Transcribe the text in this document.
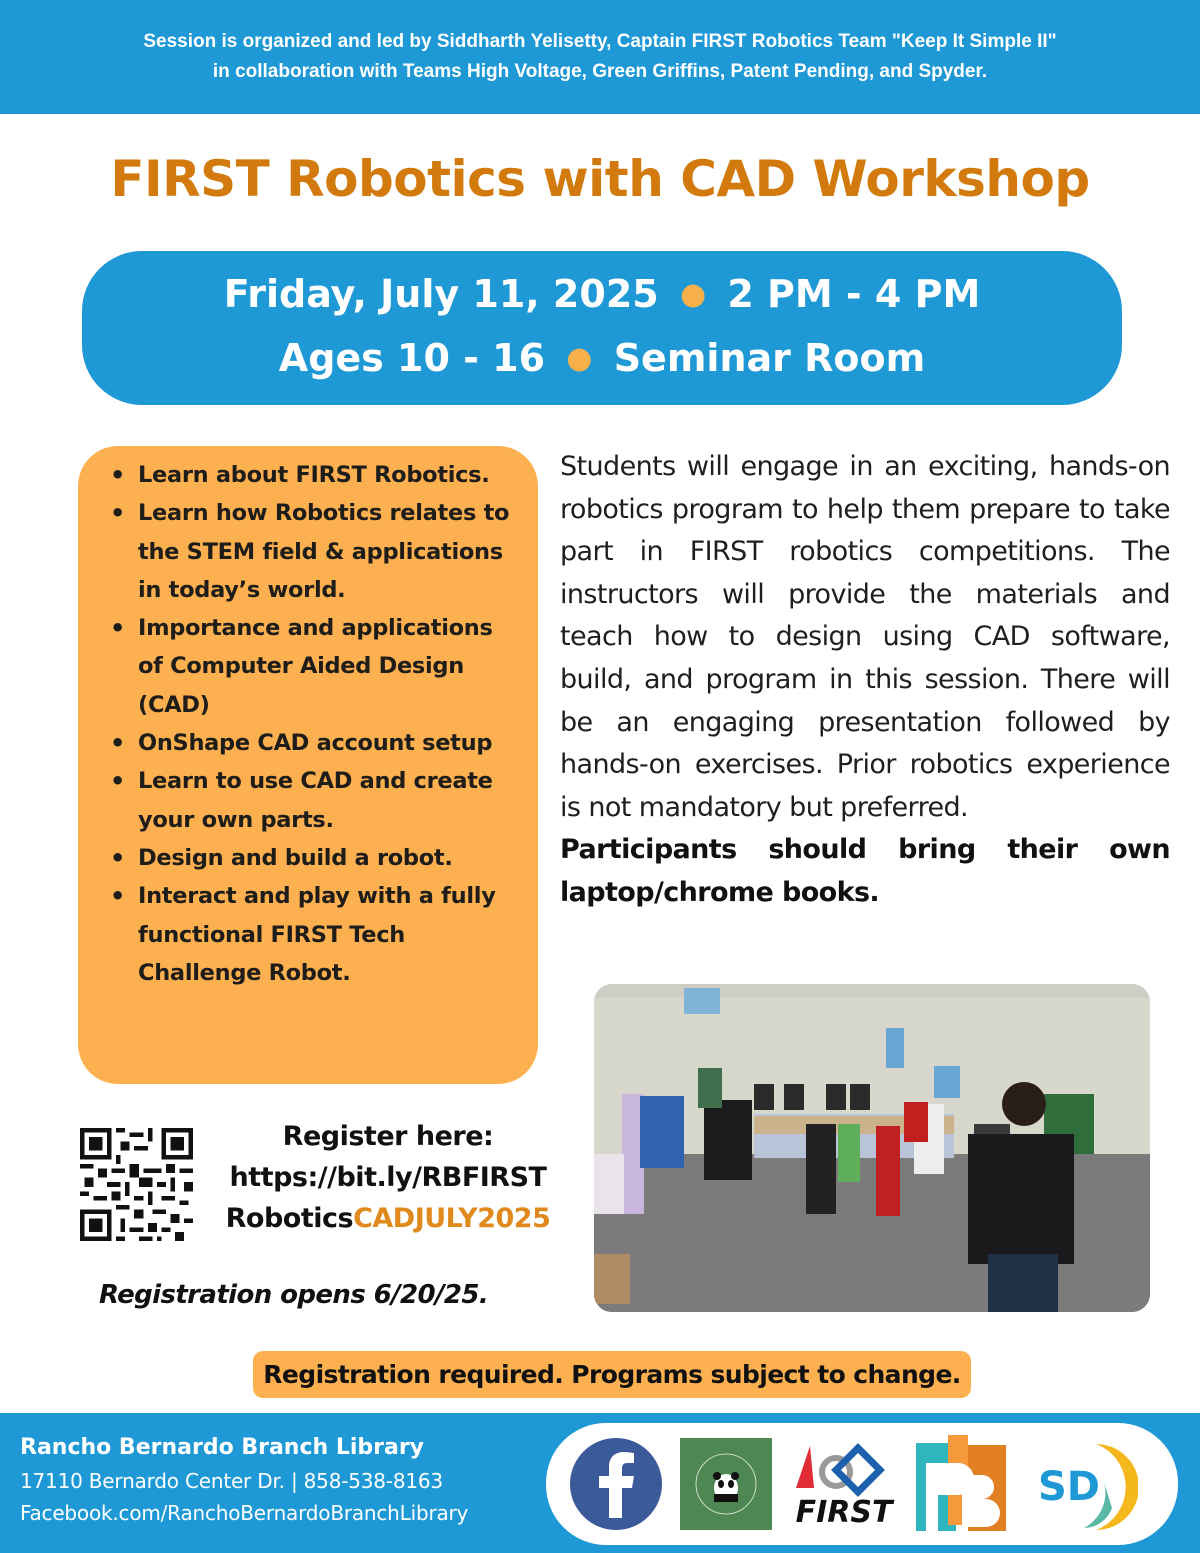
Session is organized and led by Siddharth Yelisetty, Captain FIRST Robotics Team "Keep It Simple II"
in collaboration with Teams High Voltage, Green Griffins, Patent Pending, and Spyder.
FIRST Robotics with CAD Workshop
Friday, July 11, 2025 ● 2 PM - 4 PM
Ages 10 - 16 ● Seminar Room
• Learn about FIRST Robotics.
• Learn how Robotics relates to the STEM field & applications in today’s world.
• Importance and applications of Computer Aided Design (CAD)
• OnShape CAD account setup
• Learn to use CAD and create your own parts.
• Design and build a robot.
• Interact and play with a fully functional FIRST Tech Challenge Robot.

Students will engage in an exciting, hands-on robotics program to help them prepare to take part in FIRST robotics competitions. The instructors will provide the materials and teach how to design using CAD software, build, and program in this session. There will be an engaging presentation followed by hands-on exercises. Prior robotics experience is not mandatory but preferred.

Participants should bring their own laptop/chrome books.

Register here:
https://bit.ly/RBFIRST
RoboticsCADJULY2025
Registration opens 6/20/25.
Registration required. Programs subject to change.
Rancho Bernardo Branch Library
17110 Bernardo Center Dr. | 858-538-8163
Facebook.com/RanchoBernardoBranchLibrary	FIRST
SD
